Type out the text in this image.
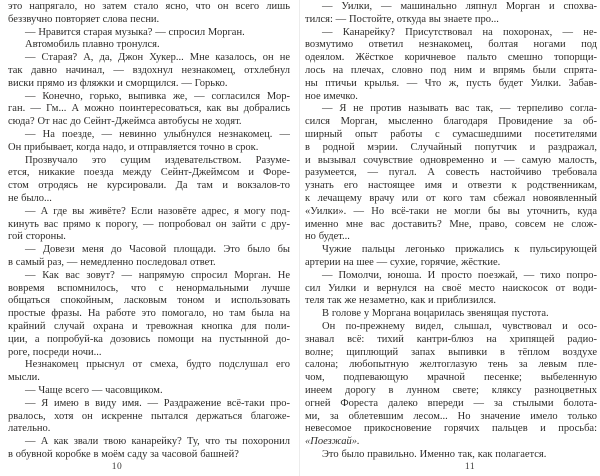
это напрягало, но затем стало ясно, что он всего лишь
беззвучно повторяет слова песни.
— Нравится старая музыка? — спросил Морган.
Автомобиль плавно тронулся.
— Старая? А, да, Джон Хукер... Мне казалось, он не
так давно начинал, — вздохнул незнакомец, отхлебнул
виски прямо из фляжки и сморщился. — Горько.
— Конечно, горько, выпивка же, — согласился Мор-
ган. — Гм... А можно поинтересоваться, как вы добрались
сюда? От нас до Сейнт-Джеймса автобусы не ходят.
— На поезде, — невинно улыбнулся незнакомец. —
Он прибывает, когда надо, и отправляется точно в срок.
Прозвучало это сущим издевательством. Разуме-
ется, никакие поезда между Сейнт-Джеймсом и Форе-
стом отродясь не курсировали. Да там и вокзалов-то
не было...
— А где вы живёте? Если назовёте адрес, я могу под-
кинуть вас прямо к порогу, — попробовал он зайти с дру-
гой стороны.
— Довези меня до Часовой площади. Это было бы
в самый раз, — немедленно последовал ответ.
— Как вас зовут? — напрямую спросил Морган. Не
вовремя вспомнилось, что с ненормальными лучше
общаться спокойным, ласковым тоном и использовать
простые фразы. На работе это помогало, но там была на
крайний случай охрана и тревожная кнопка для поли-
ции, а попробуй-ка дозовись помощи на пустынной до-
роге, посреди ночи...
Незнакомец прыснул от смеха, будто подслушал его
мысли.
— Чаще всего — часовщиком.
— Я имею в виду имя. — Раздражение всё-таки про-
рвалось, хотя он искренне пытался держаться благоже-
лательно.
— А как звали твою канарейку? Ту, что ты похоронил
в обувной коробке в моём саду за часовой башней?
10
— Уилки, — машинально ляпнул Морган и спохва-
тился: — Постойте, откуда вы знаете про...
— Канарейку? Присутствовал на похоронах, — не-
возмутимо ответил незнакомец, болтая ногами под
одеялом. Жёсткое коричневое пальто смешно топорщи-
лось на плечах, словно под ним и впрямь были спрята-
ны птичьи крылья. — Что ж, пусть будет Уилки. Забав-
ное имечко.
— Я не против называть вас так, — терпеливо согла-
сился Морган, мысленно благодаря Провидение за об-
ширный опыт работы с сумасшедшими посетителями
в родной мэрии. Случайный попутчик и раздражал,
и вызывал сочувствие одновременно и — самую малость,
разумеется, — пугал. А совесть настойчиво требовала
узнать его настоящее имя и отвезти к родственникам,
к лечащему врачу или от кого там сбежал новоявленный
«Уилки». — Но всё-таки не могли бы вы уточнить, куда
именно мне вас доставить? Мне, право, совсем не слож-
но будет...
Чужие пальцы легонько прижались к пульсирующей
артерии на шее — сухие, горячие, жёсткие.
— Помолчи, юноша. И просто поезжай, — тихо попро-
сил Уилки и вернулся на своё место наискосок от води-
теля так же незаметно, как и приблизился.
В голове у Моргана воцарилась звенящая пустота.
Он по-прежнему видел, слышал, чувствовал и осо-
знавал всё: тихий кантри-блюз на хрипящей радио-
волне; щиплющий запах выпивки в тёплом воздухе
салона; любопытную желтоглазую тень за левым пле-
чом, подпевающую мрачной песенке; выбеленную
инеем дорогу в лунном свете; кляксу разноцветных
огней Фореста далеко впереди — за стылыми болота-
ми, за облетевшим лесом... Но значение имело только
невесомое прикосновение горячих пальцев и просьба:
«Поезжай».
Это было правильно. Именно так, как полагается.
11
